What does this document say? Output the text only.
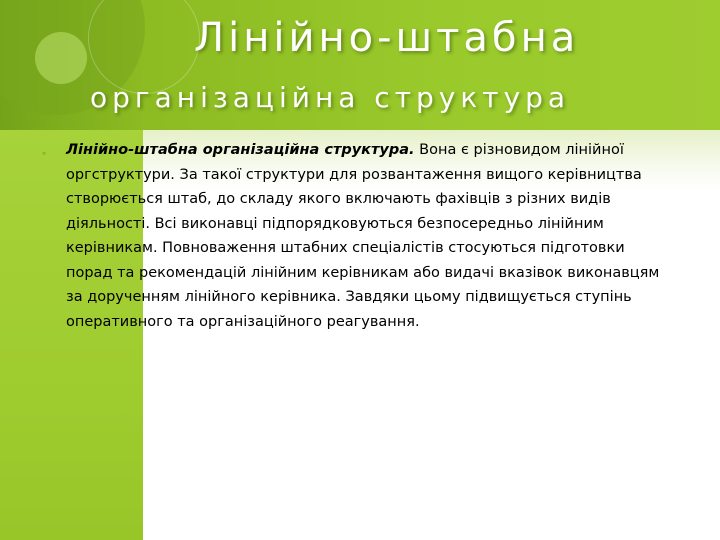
Лінійно-штабна
організаційна структура
◦	Лінійно-штабна організаційна структура. Вона є різновидом лінійної оргструктури. За такої структури для розвантаження вищого керівництва створюється штаб, до складу якого включають фахівців з різних видів діяльності. Всі виконавці підпорядковуються безпосередньо лінійним керівникам. Повноваження штабних спеціалістів стосуються підготовки порад та рекомендацій лінійним керівникам або видачі вказівок виконавцям за дорученням лінійного керівника. Завдяки цьому підвищується ступінь оперативного та організаційного реагування.
